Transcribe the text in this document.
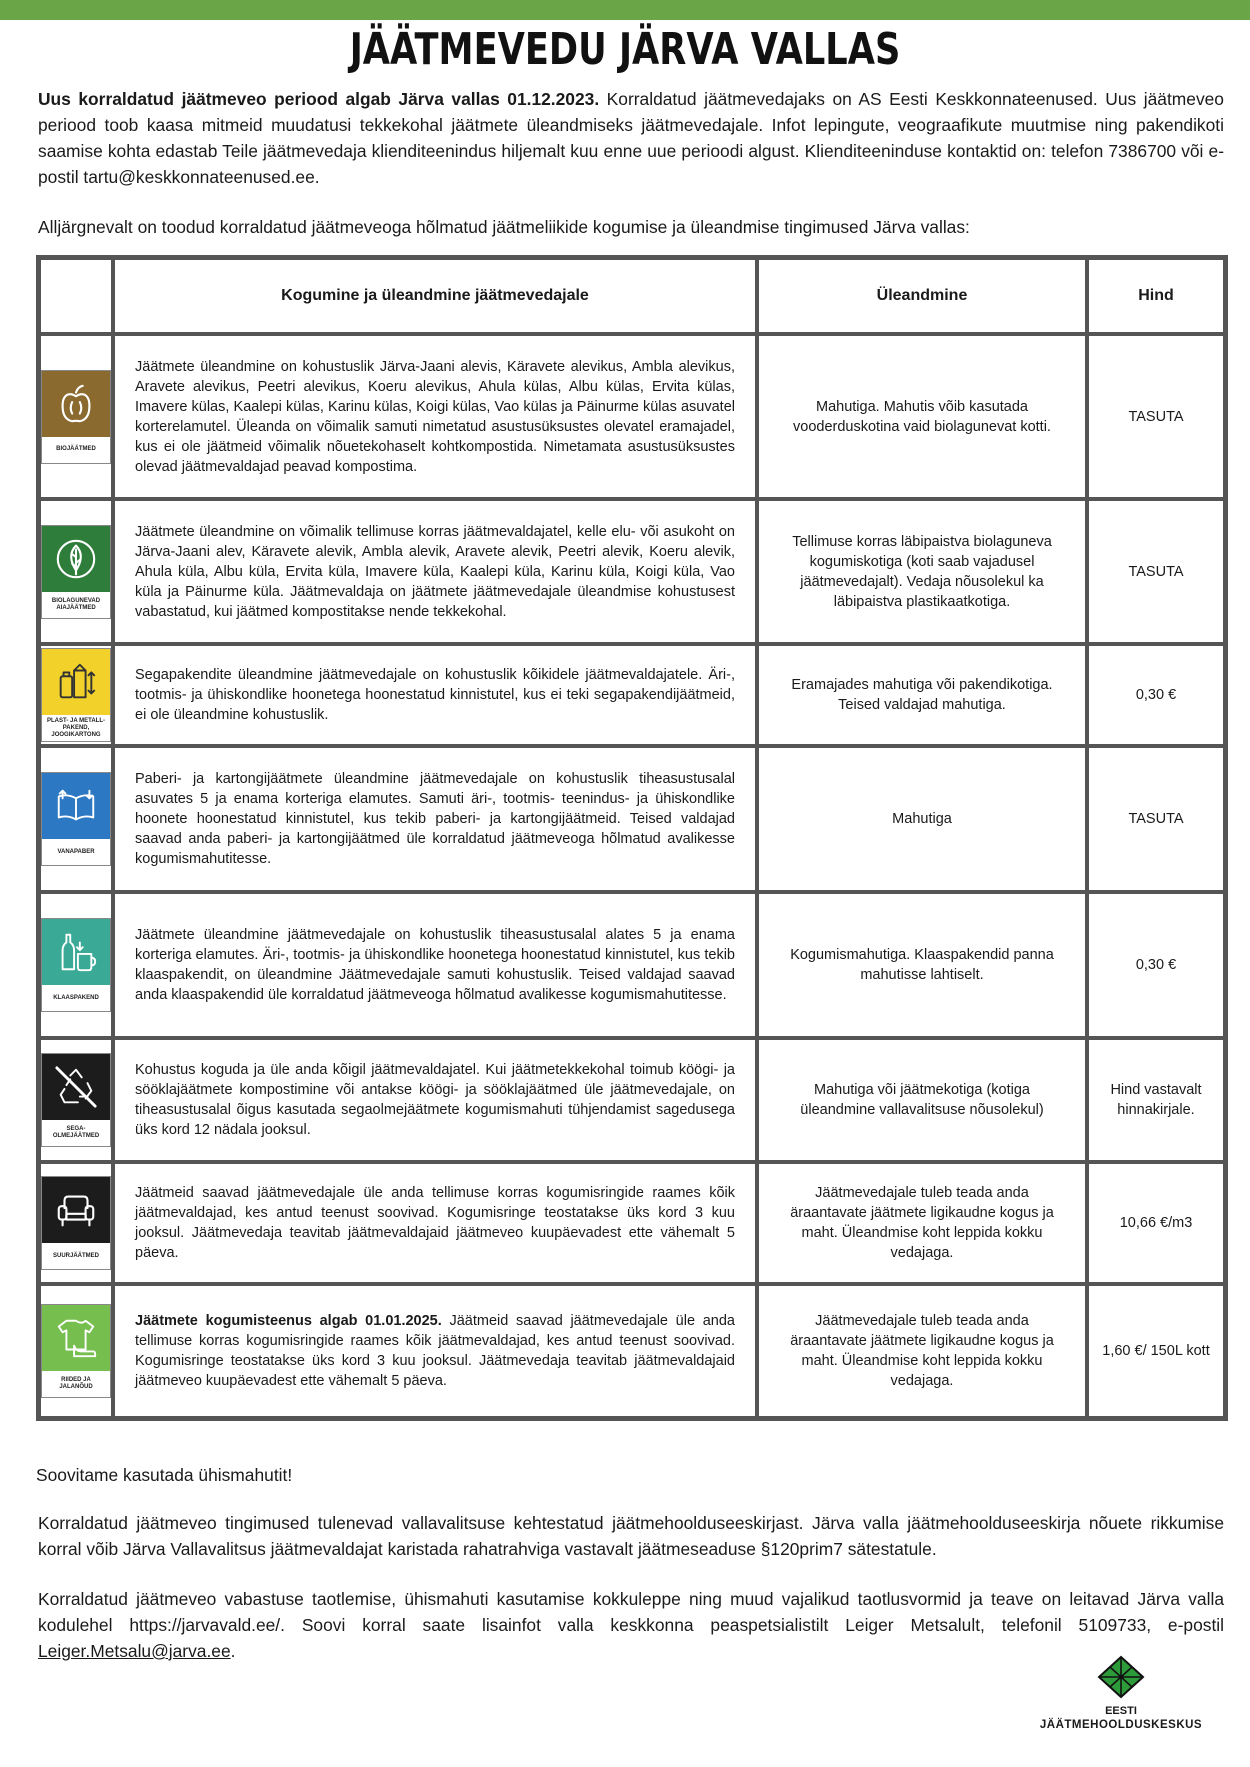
JÄÄTMEVEDU JÄRVA VALLAS
Uus korraldatud jäätmeveo periood algab Järva vallas 01.12.2023. Korraldatud jäätmevedajaks on AS Eesti Keskkonnateenused. Uus jäätmeveo periood toob kaasa mitmeid muudatusi tekkekohal jäätmete üleandmiseks jäätmevedajale. Infot lepingute, veograafikute muutmise ning pakendikoti saamise kohta edastab Teile jäätmevedaja klienditeenindus hiljemalt kuu enne uue perioodi algust. Klienditeeninduse kontaktid on: telefon 7386700 või e-postil tartu@keskkonnateenused.ee.
Alljärgnevalt on toodud korraldatud jäätmeveoga hõlmatud jäätmeliikide kogumise ja üleandmise tingimused Järva vallas:
	Kogumine ja üleandmine jäätmevedajale	Üleandmine	Hind

BIOJÄÄTMED	Jäätmete üleandmine on kohustuslik Järva-Jaani alevis, Käravete alevikus, Ambla alevikus, Aravete alevikus, Peetri alevikus, Koeru alevikus, Ahula külas, Albu külas, Ervita külas, Imavere külas, Kaalepi külas, Karinu külas, Koigi külas, Vao külas ja Päinurme külas asuvatel korterelamutel. Üleanda on võimalik samuti nimetatud asustusüksustes olevatel eramajadel, kus ei ole jäätmeid võimalik nõuetekohaselt kohtkompostida. Nimetamata asustusüksustes olevad jäätmevaldajad peavad kompostima.	Mahutiga. Mahutis võib kasutada vooderduskotina vaid biolagunevat kotti.	TASUTA

BIOLAGUNEVAD AIAJÄÄTMED	Jäätmete üleandmine on võimalik tellimuse korras jäätmevaldajatel, kelle elu- või asukoht on Järva-Jaani alev, Käravete alevik, Ambla alevik, Aravete alevik, Peetri alevik, Koeru alevik, Ahula küla, Albu küla, Ervita küla, Imavere küla, Kaalepi küla, Karinu küla, Koigi küla, Vao küla ja Päinurme küla. Jäätmevaldaja on jäätmete jäätmevedajale üleandmise kohustusest vabastatud, kui jäätmed kompostitakse nende tekkekohal.	Tellimuse korras läbipaistva biolaguneva kogumiskotiga (koti saab vajadusel jäätmevedajalt). Vedaja nõusolekul ka läbipaistva plastikaatkotiga.	TASUTA

PLAST- JA METALL-PAKEND, JOOGIKARTONG	Segapakendite üleandmine jäätmevedajale on kohustuslik kõikidele jäätmevaldajatele. Äri-, tootmis- ja ühiskondlike hoonetega hoonestatud kinnistutel, kus ei teki segapakendijäätmeid, ei ole üleandmine kohustuslik.	Eramajades mahutiga või pakendikotiga. Teised valdajad mahutiga.	0,30 €

VANAPABER	Paberi- ja kartongijäätmete üleandmine jäätmevedajale on kohustuslik tiheasustusalal asuvates 5 ja enama korteriga elamutes. Samuti äri-, tootmis- teenindus- ja ühiskondlike hoonete hoonestatud kinnistutel, kus tekib paberi- ja kartongijäätmeid. Teised valdajad saavad anda paberi- ja kartongijäätmed üle korraldatud jäätmeveoga hõlmatud avalikesse kogumismahutitesse.	Mahutiga	TASUTA

KLAASPAKEND	Jäätmete üleandmine jäätmevedajale on kohustuslik tiheasustusalal alates 5 ja enama korteriga elamutes. Äri-, tootmis- ja ühiskondlike hoonetega hoonestatud kinnistutel, kus tekib klaaspakendit, on üleandmine Jäätmevedajale samuti kohustuslik. Teised valdajad saavad anda klaaspakendid üle korraldatud jäätmeveoga hõlmatud avalikesse kogumismahutitesse.	Kogumismahutiga. Klaaspakendid panna mahutisse lahtiselt.	0,30 €

SEGA-OLMEJÄÄTMED	Kohustus koguda ja üle anda kõigil jäätmevaldajatel. Kui jäätmetekkekohal toimub köögi- ja sööklajäätmete kompostimine või antakse köögi- ja sööklajäätmed üle jäätmevedajale, on tiheasustusalal õigus kasutada segaolmejäätmete kogumismahuti tühjendamist sagedusega üks kord 12 nädala jooksul.	Mahutiga või jäätmekotiga (kotiga üleandmine vallavalitsuse nõusolekul)	Hind vastavalt hinnakirjale.

SUURJÄÄTMED	Jäätmeid saavad jäätmevedajale üle anda tellimuse korras kogumisringide raames kõik jäätmevaldajad, kes antud teenust soovivad. Kogumisringe teostatakse üks kord 3 kuu jooksul. Jäätmevedaja teavitab jäätmevaldajaid jäätmeveo kuupäevadest ette vähemalt 5 päeva.	Jäätmevedajale tuleb teada anda äraantavate jäätmete ligikaudne kogus ja maht. Üleandmise koht leppida kokku vedajaga.	10,66 €/m3

RIIDED JA JALANÕUD	Jäätmete kogumisteenus algab 01.01.2025. Jäätmeid saavad jäätmevedajale üle anda tellimuse korras kogumisringide raames kõik jäätmevaldajad, kes antud teenust soovivad. Kogumisringe teostatakse üks kord 3 kuu jooksul. Jäätmevedaja teavitab jäätmevaldajaid jäätmeveo kuupäevadest ette vähemalt 5 päeva.	Jäätmevedajale tuleb teada anda äraantavate jäätmete ligikaudne kogus ja maht. Üleandmise koht leppida kokku vedajaga.	1,60 €/ 150L kott
Soovitame kasutada ühismahutit!
Korraldatud jäätmeveo tingimused tulenevad vallavalitsuse kehtestatud jäätmehoolduseeskirjast. Järva valla jäätmehoolduseeskirja nõuete rikkumise korral võib Järva Vallavalitsus jäätmevaldajat karistada rahatrahviga vastavalt jäätmeseaduse §120prim7 sätestatule.
Korraldatud jäätmeveo vabastuse taotlemise, ühismahuti kasutamise kokkuleppe ning muud vajalikud taotlusvormid ja teave on leitavad Järva valla kodulehel https://jarvavald.ee/. Soovi korral saate lisainfot valla keskkonna peaspetsialistilt Leiger Metsalult, telefonil 5109733, e-postil Leiger.Metsalu@jarva.ee.
EESTI
JÄÄTMEHOOLDUSKESKUS
